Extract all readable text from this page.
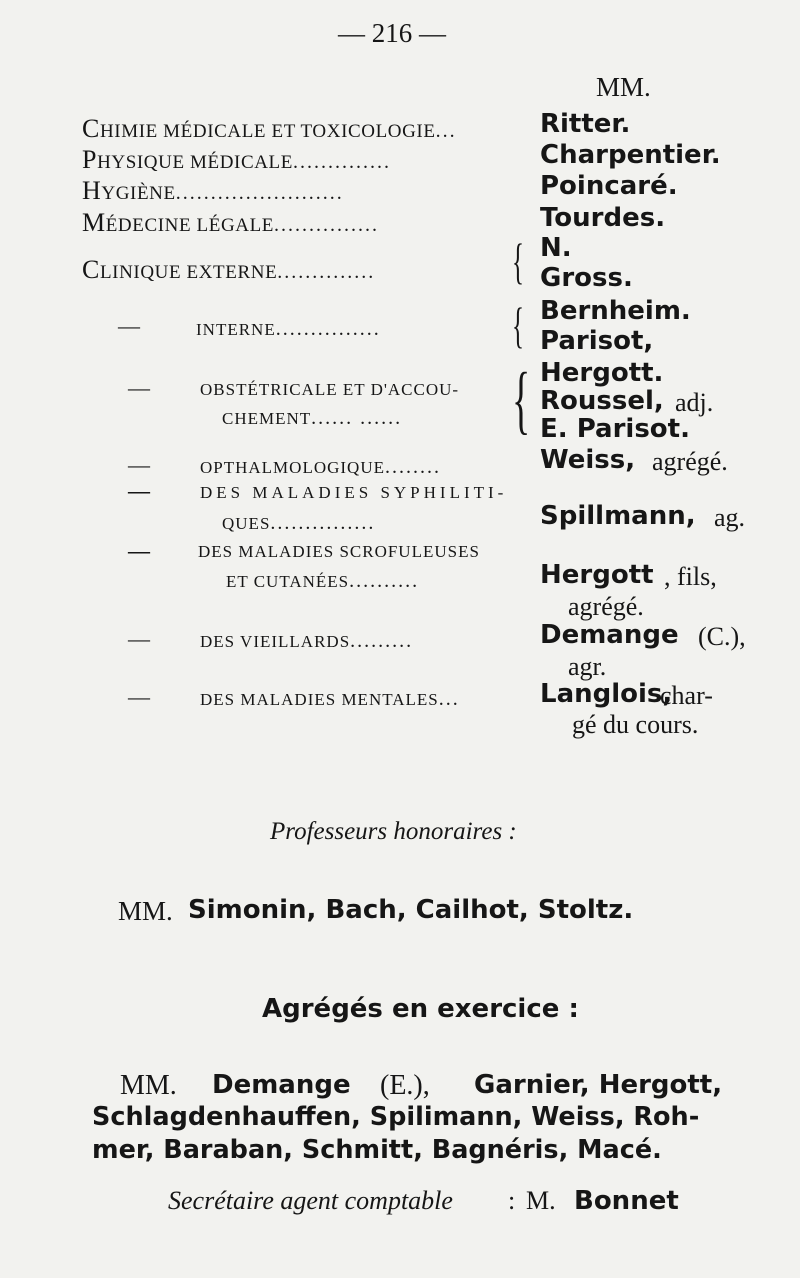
— 216 —
MM.
CHIMIE MÉDICALE ET TOXICOLOGIE...	Ritter.
PHYSIQUE MÉDICALE..............	Charpentier.
HYGIÈNE........................	Poincaré.
MÉDECINE LÉGALE...............	Tourdes.
CLINIQUE EXTERNE..............	{ N.
Gross.
—	INTERNE...............	{ Bernheim.
Parisot,
—	OBSTÉTRICALE ET D'ACCOU-
CHEMENT...... ...... { Hergott.
Roussel, adj.
E. Parisot.
—	OPTHALMOLOGIQUE........	Weiss, agrégé.
—	DES MALADIES SYPHILITI-
QUES...............	Spillmann, ag.
—	DES MALADIES SCROFULEUSES
ET CUTANÉES..........	Hergott , fils,
agrégé.
—	DES VIEILLARDS.........	Demange (C.),
agr.
—	DES MALADIES MENTALES...	Langlois,
char-
gé du cours.
Professeurs honoraires :
MM. Simonin, Bach, Cailhot, Stoltz.
Agrégés en exercice :
MM. Demange (E.), Garnier, Hergott,
Schlagdenhauffen, Spilimann, Weiss, Roh-
mer, Baraban, Schmitt, Bagnéris, Macé.
Secrétaire agent comptable : M. Bonnet
